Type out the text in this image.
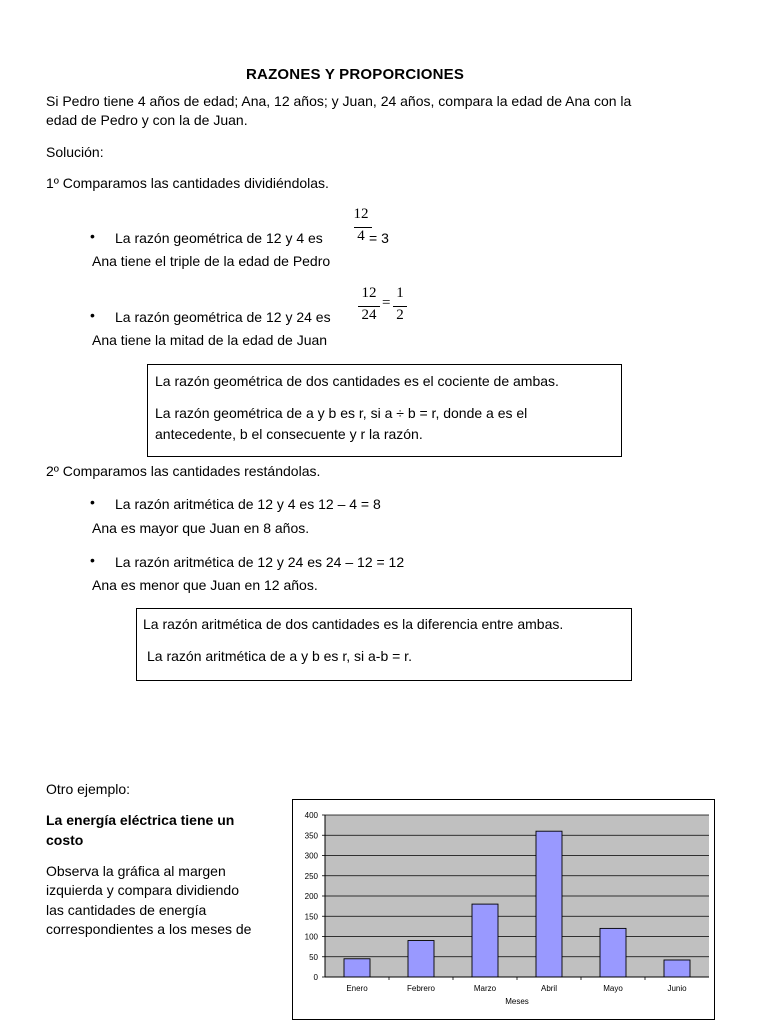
RAZONES Y PROPORCIONES
Si Pedro tiene 4 años de edad; Ana, 12 años; y Juan, 24 años, compara la edad de Ana con la
edad de Pedro y con la de Juan.
Solución:
1º Comparamos las cantidades dividiéndolas.
• La razón geométrica de 12 y 4 es
12
4 = 3
Ana tiene el triple de la edad de Pedro
• La razón geométrica de 12 y 24 es
12
24
=
1
2
Ana tiene la mitad de la edad de Juan
La razón geométrica de dos cantidades es el cociente de ambas.
La razón geométrica de a y b es r, si a ÷ b = r, donde a es el
antecedente, b el consecuente y r la razón.
2º Comparamos las cantidades restándolas.
• La razón aritmética de 12 y 4 es 12 – 4 = 8
Ana es mayor que Juan en 8 años.
• La razón aritmética de 12 y 24 es 24 – 12 = 12
Ana es menor que Juan en 12 años.
La razón aritmética de dos cantidades es la diferencia entre ambas.
La razón aritmética de a y b es r, si a-b = r.
Otro ejemplo:
La energía eléctrica tiene un
costo
Observa la gráfica al margen
izquierda y compara dividiendo
las cantidades de energía
correspondientes a los meses de
0
50
100
150
200
250
300
350
400
Enero	Febrero	Marzo	Abril	Mayo	Junio
Meses
